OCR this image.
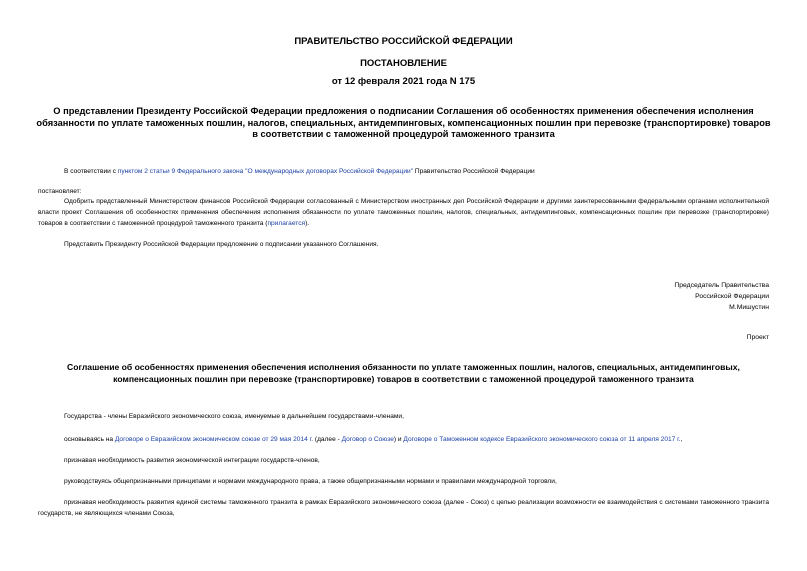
ПРАВИТЕЛЬСТВО РОССИЙСКОЙ ФЕДЕРАЦИИ
ПОСТАНОВЛЕНИЕ
от 12 февраля 2021 года N 175
О представлении Президенту Российской Федерации предложения о подписании Соглашения об особенностях применения обеспечения исполнения обязанности по уплате таможенных пошлин, налогов, специальных, антидемпинговых, компенсационных пошлин при перевозке (транспортировке) товаров в соответствии с таможенной процедурой таможенного транзита
В соответствии с пунктом 2 статьи 9 Федерального закона "О международных договорах Российской Федерации" Правительство Российской Федерации
постановляет:
Одобрить представленный Министерством финансов Российской Федерации согласованный с Министерством иностранных дел Российской Федерации и другими заинтересованными федеральными органами исполнительной власти проект Соглашения об особенностях применения обеспечения исполнения обязанности по уплате таможенных пошлин, налогов, специальных, антидемпинговых, компенсационных пошлин при перевозке (транспортировке) товаров в соответствии с таможенной процедурой таможенного транзита (прилагается).
Представить Президенту Российской Федерации предложение о подписании указанного Соглашения.
Председатель Правительства
Российской Федерации
М.Мишустин
Проект
Соглашение об особенностях применения обеспечения исполнения обязанности по уплате таможенных пошлин, налогов, специальных, антидемпинговых, компенсационных пошлин при перевозке (транспортировке) товаров в соответствии с таможенной процедурой таможенного транзита
Государства - члены Евразийского экономического союза, именуемые в дальнейшем государствами-членами,
основываясь на Договоре о Евразийском экономическом союзе от 29 мая 2014 г. (далее - Договор о Союзе) и Договоре о Таможенном кодексе Евразийского экономического союза от 11 апреля 2017 г.,
признавая необходимость развития экономической интеграции государств-членов,
руководствуясь общепризнанными принципами и нормами международного права, а также общепризнанными нормами и правилами международной торговли,
признавая необходимость развития единой системы таможенного транзита в рамках Евразийского экономического союза (далее - Союз) с целью реализации возможности ее взаимодействия с системами таможенного транзита государств, не являющихся членами Союза,
